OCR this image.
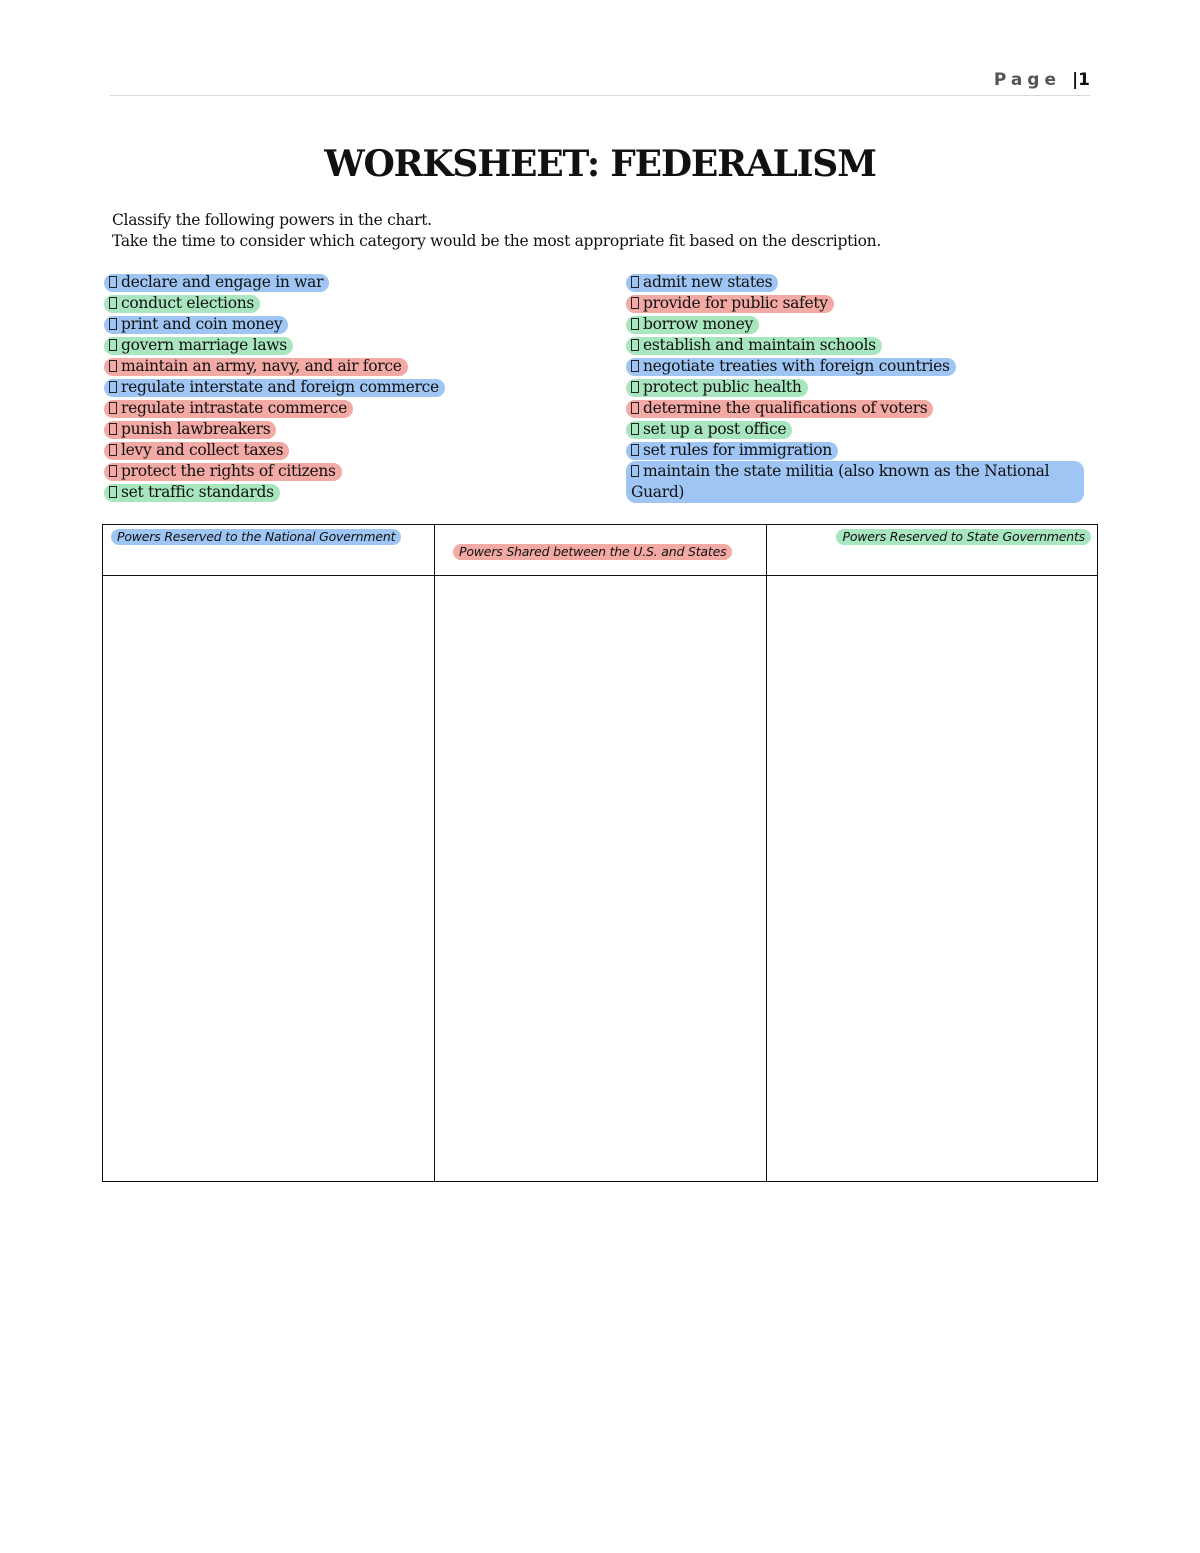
Page |1
WORKSHEET: FEDERALISM
Classify the following powers in the chart.
Take the time to consider which category would be the most appropriate fit based on the description.
declare and engage in war
conduct elections
print and coin money
govern marriage laws
maintain an army, navy, and air force
regulate interstate and foreign commerce
regulate intrastate commerce
punish lawbreakers
levy and collect taxes
protect the rights of citizens
set traffic standards
admit new states
provide for public safety
borrow money
establish and maintain schools
negotiate treaties with foreign countries
protect public health
determine the qualifications of voters
set up a post office
set rules for immigration
maintain the state militia (also known as the National Guard)
Powers Reserved to the National Government
Powers Shared between the U.S. and States
Powers Reserved to State Governments
